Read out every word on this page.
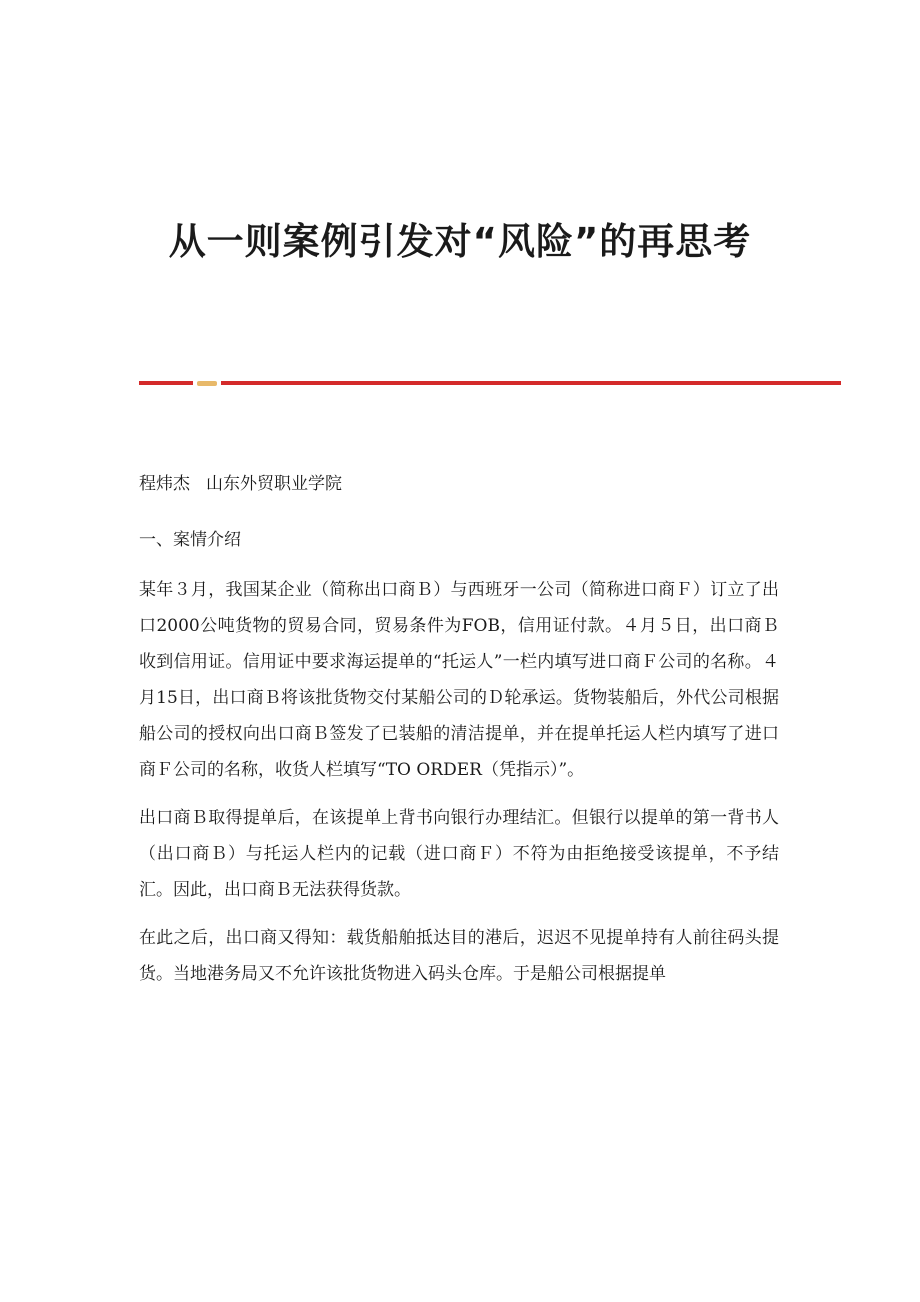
从一则案例引发对“风险”的再思考

程炜杰 山东外贸职业学院

一、案情介绍

某年３月，我国某企业（简称出口商Ｂ）与西班牙一公司（简称进口商Ｆ）订立了出口2000公吨货物的贸易合同，贸易条件为FOB，信用证付款。４月５日，出口商Ｂ收到信用证。信用证中要求海运提单的“托运人”一栏内填写进口商Ｆ公司的名称。４月15日，出口商Ｂ将该批货物交付某船公司的Ｄ轮承运。货物装船后，外代公司根据船公司的授权向出口商Ｂ签发了已装船的清洁提单，并在提单托运人栏内填写了进口商Ｆ公司的名称，收货人栏填写“TO ORDER（凭指示）”。

出口商Ｂ取得提单后，在该提单上背书向银行办理结汇。但银行以提单的第一背书人（出口商Ｂ）与托运人栏内的记载（进口商Ｆ）不符为由拒绝接受该提单，不予结汇。因此，出口商Ｂ无法获得货款。

在此之后，出口商又得知：载货船舶抵达目的港后，迟迟不见提单持有人前往码头提货。当地港务局又不允许该批货物进入码头仓库。于是船公司根据提单
